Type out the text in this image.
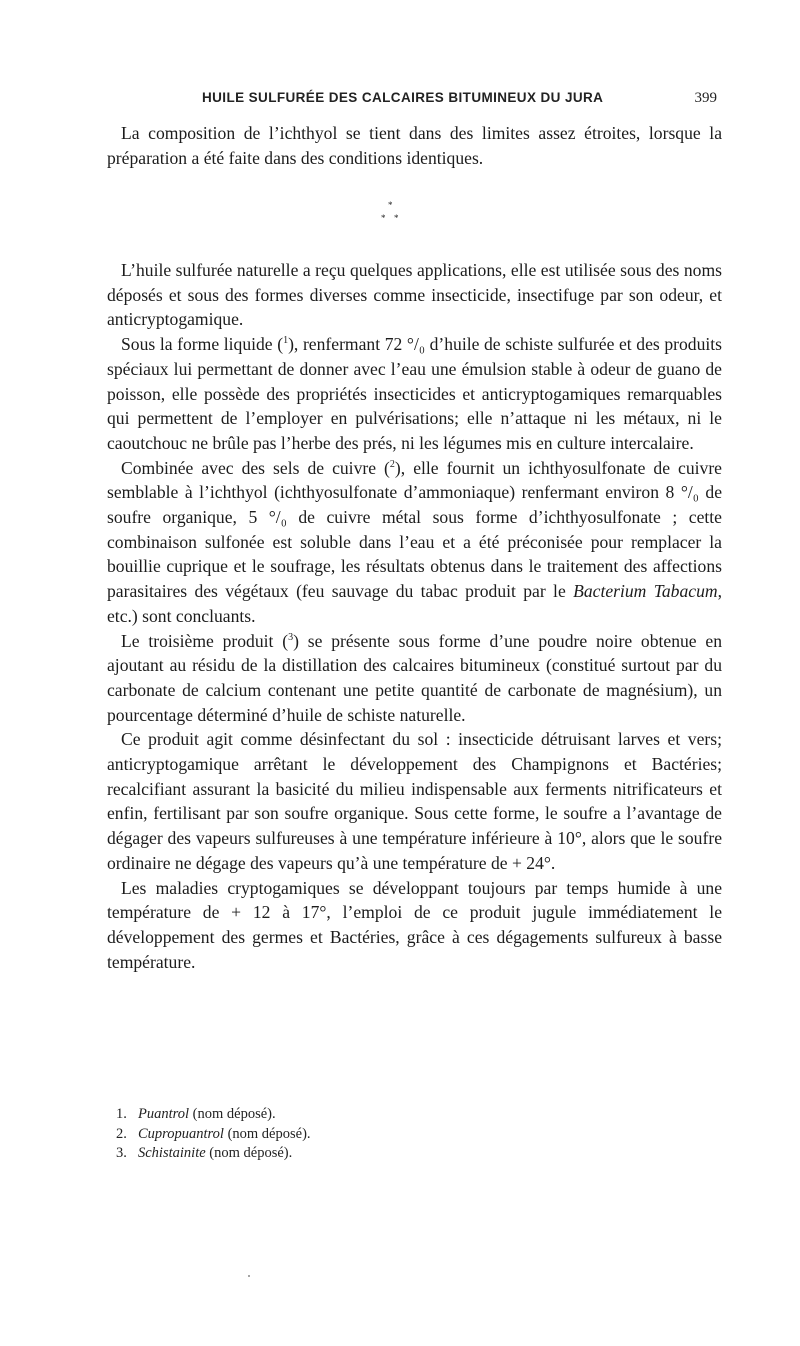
HUILE SULFURÉE DES CALCAIRES BITUMINEUX DU JURA	399

La composition de l’ichthyol se tient dans des limites assez étroites, lorsque la préparation a été faite dans des conditions identiques.

*
* *

L’huile sulfurée naturelle a reçu quelques applications, elle est utilisée sous des noms déposés et sous des formes diverses comme insecticide, insectifuge par son odeur, et anticryptogamique.

Sous la forme liquide ($^1$), renfermant 72 °/₀ d’huile de schiste sulfurée et des produits spéciaux lui permettant de donner avec l’eau une émulsion stable à odeur de guano de poisson, elle possède des propriétés insecticides et anticryptogamiques remarquables qui permettent de l’employer en pulvérisations; elle n’attaque ni les métaux, ni le caoutchouc ne brûle pas l’herbe des prés, ni les légumes mis en culture intercalaire.

Combinée avec des sels de cuivre ($^2$), elle fournit un ichthyosulfonate de cuivre semblable à l’ichthyol (ichthyosulfonate d’ammoniaque) renfermant environ 8 °/₀ de soufre organique, 5 °/₀ de cuivre métal sous forme d’ichthyosulfonate ; cette combinaison sulfonée est soluble dans l’eau et a été préconisée pour remplacer la bouillie cuprique et le soufrage, les résultats obtenus dans le traitement des affections parasitaires des végétaux (feu sauvage du tabac produit par le Bacterium Tabacum, etc.) sont concluants.

Le troisième produit ($^3$) se présente sous forme d’une poudre noire obtenue en ajoutant au résidu de la distillation des calcaires bitumineux (constitué surtout par du carbonate de calcium contenant une petite quantité de carbonate de magnésium), un pourcentage déterminé d’huile de schiste naturelle.

Ce produit agit comme désinfectant du sol : insecticide détruisant larves et vers; anticryptogamique arrêtant le développement des Champignons et Bactéries; recalcifiant assurant la basicité du milieu indispensable aux ferments nitrificateurs et enfin, fertilisant par son soufre organique. Sous cette forme, le soufre a l’avantage de dégager des vapeurs sulfureuses à une température inférieure à 10°, alors que le soufre ordinaire ne dégage des vapeurs qu’à une température de + 24°.

Les maladies cryptogamiques se développant toujours par temps humide à une température de + 12 à 17°, l’emploi de ce produit jugule immédiatement le développement des germes et Bactéries, grâce à ces dégagements sulfureux à basse température.

1. Puantrol (nom déposé).
2. Cupropuantrol (nom déposé).
3. Schistainite (nom déposé).
